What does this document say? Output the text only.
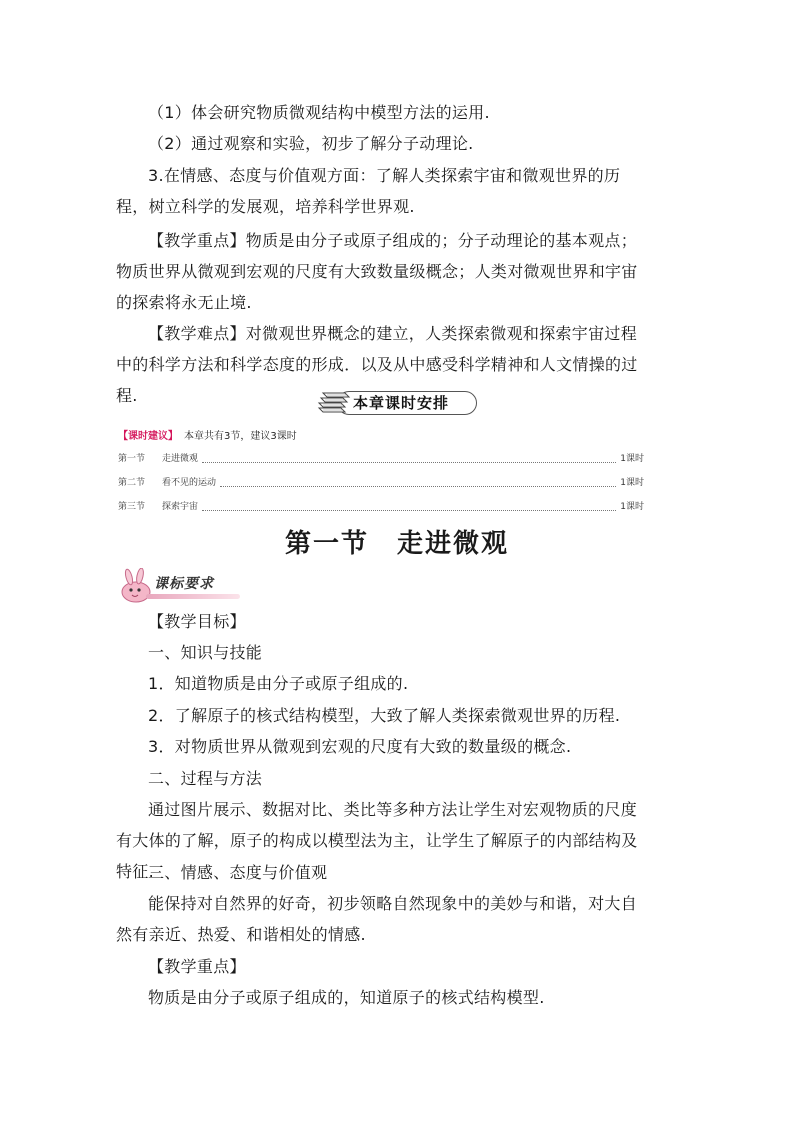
（1）体会研究物质微观结构中模型方法的运用.

（2）通过观察和实验，初步了解分子动理论.

3.在情感、态度与价值观方面：了解人类探索宇宙和微观世界的历程，树立科学的发展观，培养科学世界观.

【教学重点】物质是由分子或原子组成的；分子动理论的基本观点；物质世界从微观到宏观的尺度有大致数量级概念；人类对微观世界和宇宙的探索将永无止境.

【教学难点】对微观世界概念的建立，人类探索微观和探索宇宙过程中的科学方法和科学态度的形成．以及从中感受科学精神和人文情操的过程.	本章课时安排
【课时建议】 本章共有3节，建议3课时
第一节	走进微观	1课时
第二节	看不见的运动	1课时
第三节	探索宇宙	1课时
第一节 走进微观
课标要求

【教学目标】

一、知识与技能

1．知道物质是由分子或原子组成的.

2．了解原子的核式结构模型，大致了解人类探索微观世界的历程.

3．对物质世界从微观到宏观的尺度有大致的数量级的概念.

二、过程与方法

通过图片展示、数据对比、类比等多种方法让学生对宏观物质的尺度有大体的了解，原子的构成以模型法为主，让学生了解原子的内部结构及特征.

三、情感、态度与价值观

能保持对自然界的好奇，初步领略自然现象中的美妙与和谐，对大自然有亲近、热爱、和谐相处的情感.

【教学重点】

物质是由分子或原子组成的，知道原子的核式结构模型.
